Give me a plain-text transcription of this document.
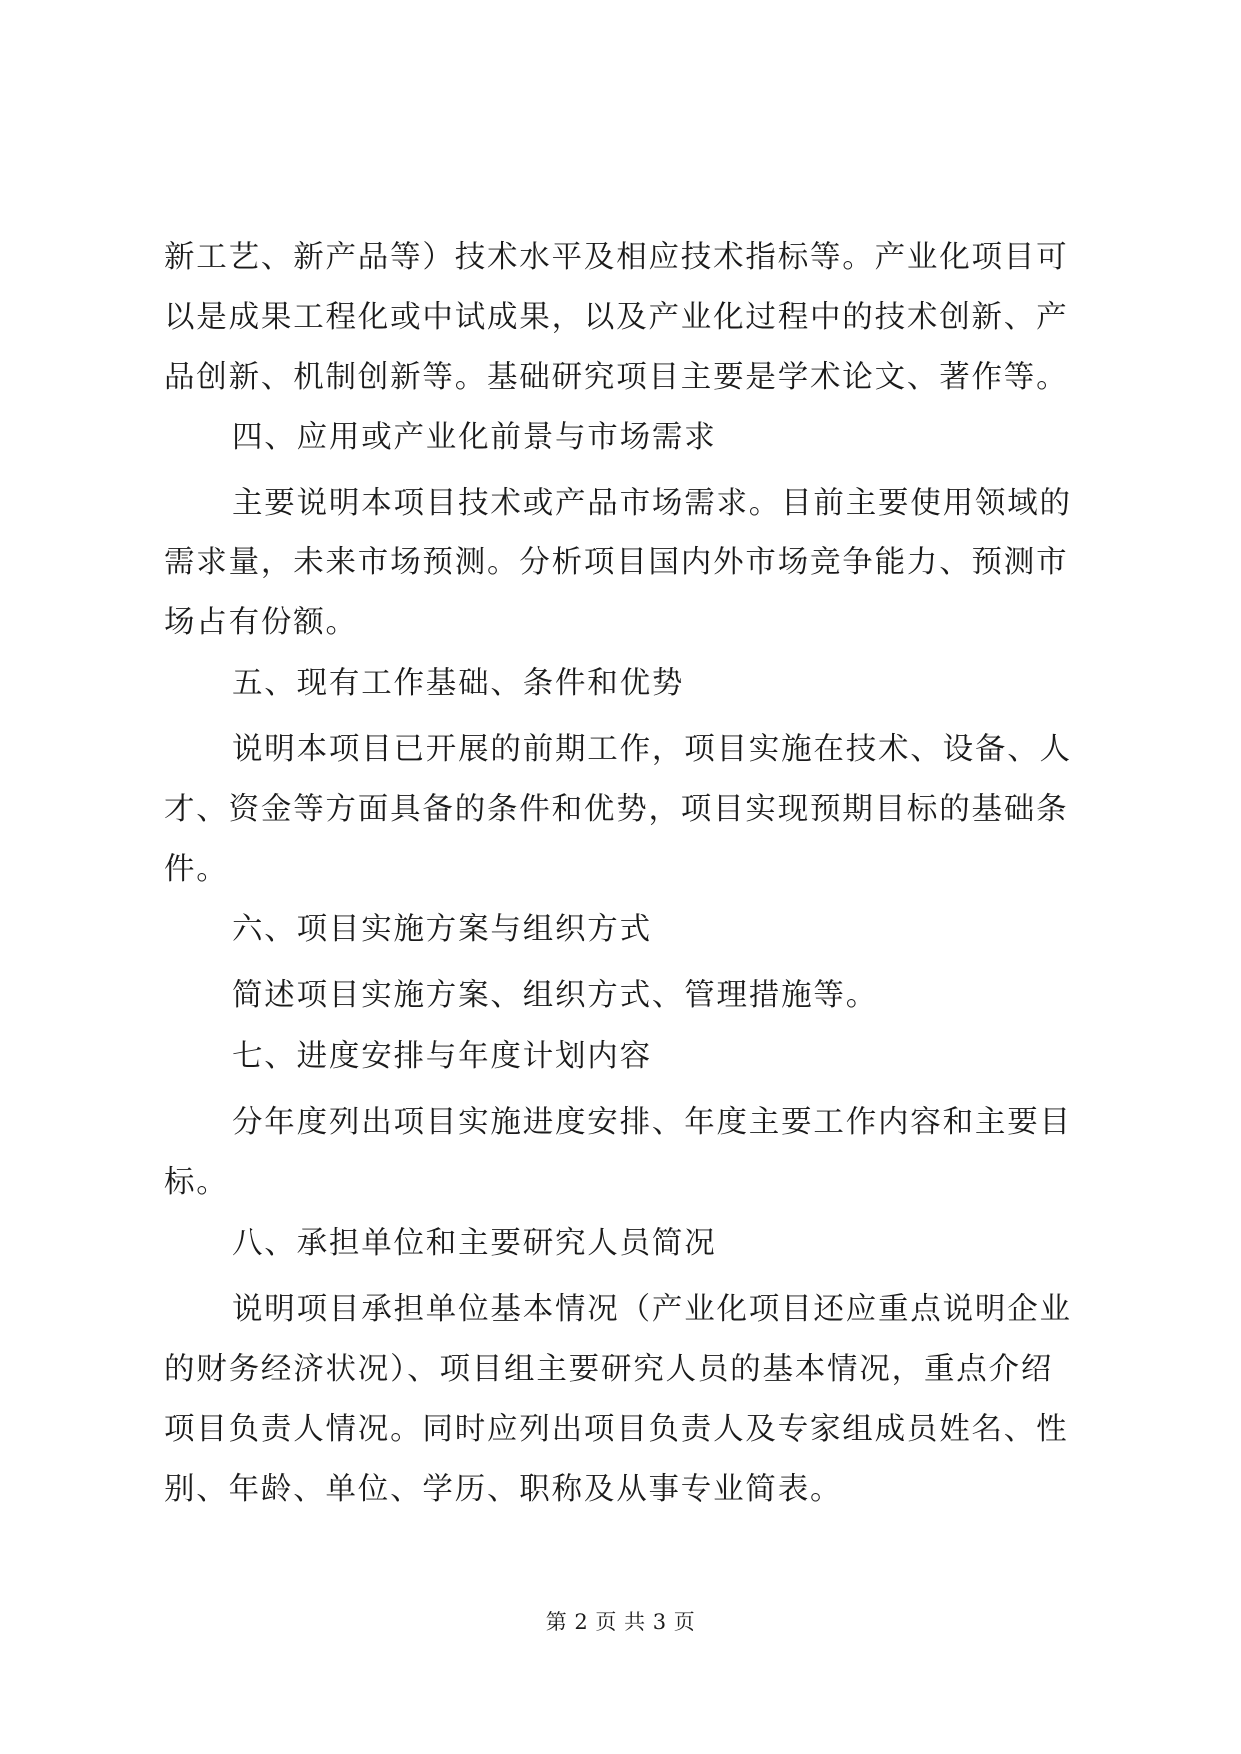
新工艺、新产品等）技术水平及相应技术指标等。产业化项目可

以是成果工程化或中试成果，以及产业化过程中的技术创新、产

品创新、机制创新等。基础研究项目主要是学术论文、著作等。

四、应用或产业化前景与市场需求

主要说明本项目技术或产品市场需求。目前主要使用领域的

需求量，未来市场预测。分析项目国内外市场竞争能力、预测市

场占有份额。

五、现有工作基础、条件和优势

说明本项目已开展的前期工作，项目实施在技术、设备、人

才、资金等方面具备的条件和优势，项目实现预期目标的基础条

件。

六、项目实施方案与组织方式

简述项目实施方案、组织方式、管理措施等。

七、进度安排与年度计划内容

分年度列出项目实施进度安排、年度主要工作内容和主要目

标。

八、承担单位和主要研究人员简况

说明项目承担单位基本情况（产业化项目还应重点说明企业

的财务经济状况）、项目组主要研究人员的基本情况，重点介绍

项目负责人情况。同时应列出项目负责人及专家组成员姓名、性

别、年龄、单位、学历、职称及从事专业简表。

第 2 页 共 3 页
